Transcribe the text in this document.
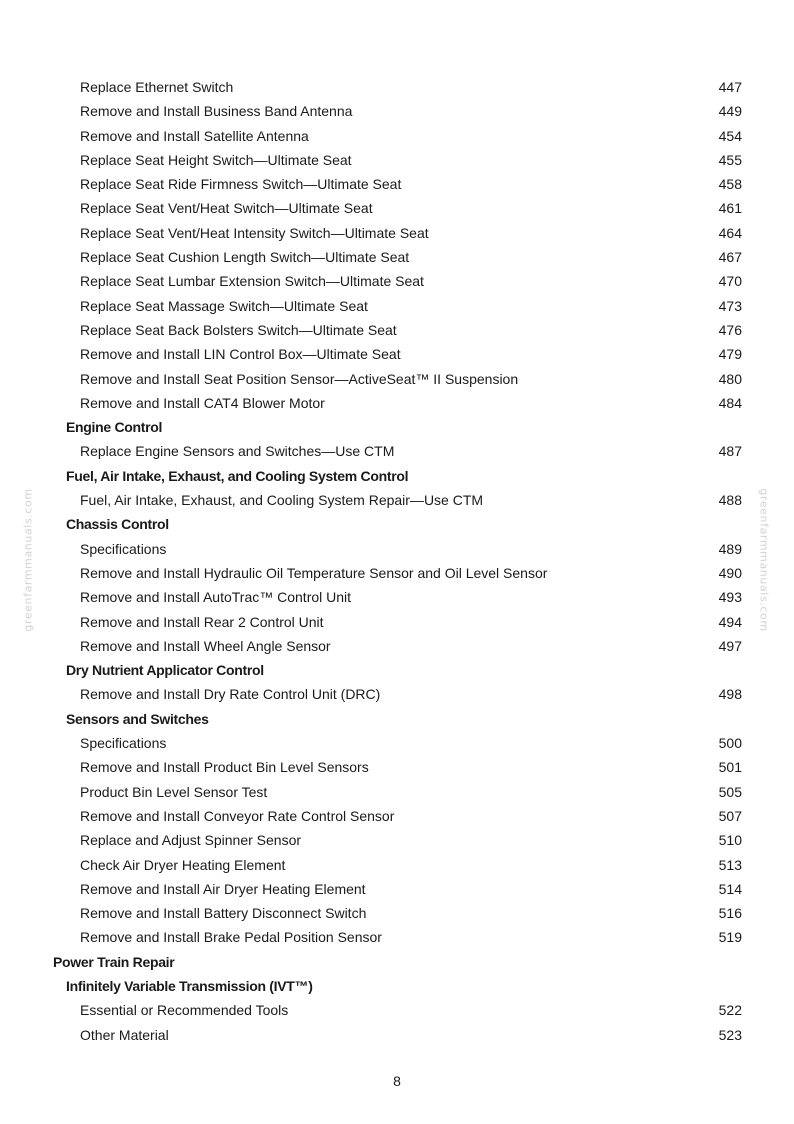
Replace Ethernet Switch	447
Remove and Install Business Band Antenna	449
Remove and Install Satellite Antenna	454
Replace Seat Height Switch—Ultimate Seat	455
Replace Seat Ride Firmness Switch—Ultimate Seat	458
Replace Seat Vent/Heat Switch—Ultimate Seat	461
Replace Seat Vent/Heat Intensity Switch—Ultimate Seat	464
Replace Seat Cushion Length Switch—Ultimate Seat	467
Replace Seat Lumbar Extension Switch—Ultimate Seat	470
Replace Seat Massage Switch—Ultimate Seat	473
Replace Seat Back Bolsters Switch—Ultimate Seat	476
Remove and Install LIN Control Box—Ultimate Seat	479
Remove and Install Seat Position Sensor—ActiveSeat™ II Suspension	480
Remove and Install CAT4 Blower Motor	484
Engine Control
Replace Engine Sensors and Switches—Use CTM	487
Fuel, Air Intake, Exhaust, and Cooling System Control
Fuel, Air Intake, Exhaust, and Cooling System Repair—Use CTM	488
Chassis Control
Specifications	489
Remove and Install Hydraulic Oil Temperature Sensor and Oil Level Sensor	490
Remove and Install AutoTrac™ Control Unit	493
Remove and Install Rear 2 Control Unit	494
Remove and Install Wheel Angle Sensor	497
Dry Nutrient Applicator Control
Remove and Install Dry Rate Control Unit (DRC)	498
Sensors and Switches
Specifications	500
Remove and Install Product Bin Level Sensors	501
Product Bin Level Sensor Test	505
Remove and Install Conveyor Rate Control Sensor	507
Replace and Adjust Spinner Sensor	510
Check Air Dryer Heating Element	513
Remove and Install Air Dryer Heating Element	514
Remove and Install Battery Disconnect Switch	516
Remove and Install Brake Pedal Position Sensor	519
Power Train Repair
Infinitely Variable Transmission (IVT™)
Essential or Recommended Tools	522
Other Material	523
greenfarmmanuals.com	greenfarmmanuals.com
8
